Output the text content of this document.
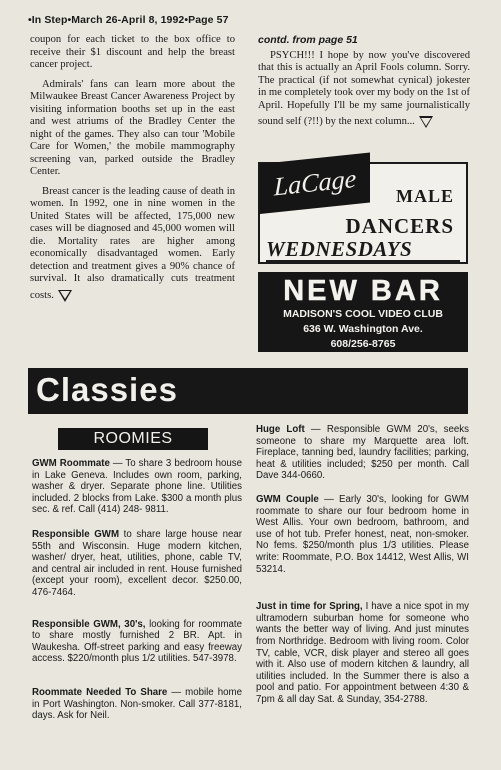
•In Step•March 26-April 8, 1992•Page 57

coupon for each ticket to the box office to receive their $1 discount and help the breast cancer project.

Admirals' fans can learn more about the Milwaukee Breast Cancer Awareness Project by visiting information booths set up in the east and west atriums of the Bradley Center the night of the games. They also can tour 'Mobile Care for Women,' the mobile mammography screening van, parked outside the Bradley Center.

Breast cancer is the leading cause of death in women. In 1992, one in nine women in the United States will be affected, 175,000 new cases will be diagnosed and 45,000 women will die. Mortality rates are higher among economically disadvantaged women. Early detection and treatment gives a 90% chance of survival. It also dramatically cuts treatment costs.

contd. from page 51

PSYCH!!! I hope by now you've discovered that this is actually an April Fools column. Sorry. The practical (if not somewhat cynical) jokester in me completely took over my body on the 1st of April. Hopefully I'll be my same journalistically sound self (?!!) by the next column...

LaCage	MALE
DANCERS
WEDNESDAYS
NEW BAR
MADISON'S COOL VIDEO CLUB
636 W. Washington Ave.
608/256-8765
Classies
ROOMIES

GWM Roommate — To share 3 bedroom house in Lake Geneva. Includes own room, parking, washer & dryer. Separate phone line. Utilities included. 2 blocks from Lake. $300 a month plus sec. & ref. Call (414) 248- 9811.

Responsible GWM to share large house near 55th and Wisconsin. Huge modern kitchen, washer/ dryer, heat, utilities, phone, cable TV, and central air included in rent. House furnished (except your room), excellent decor. $250.00, 476-7464.

Responsible GWM, 30's, looking for roommate to share mostly furnished 2 BR. Apt. in Waukesha. Off-street parking and easy freeway access. $220/month plus 1/2 utilities. 547-3978.

Roommate Needed To Share — mobile home in Port Washington. Non-smoker. Call 377-8181, days. Ask for Neil.

Huge Loft — Responsible GWM 20's, seeks someone to share my Marquette area loft. Fireplace, tanning bed, laundry facilities; parking, heat & utilities included; $250 per month. Call Dave 344-0660.

GWM Couple — Early 30's, looking for GWM roommate to share our four bedroom home in West Allis. Your own bedroom, bathroom, and use of hot tub. Prefer honest, neat, non-smoker. No fems. $250/month plus 1/3 utilities. Please write: Roommate, P.O. Box 14412, West Allis, WI 53214.

Just in time for Spring, I have a nice spot in my ultramodern suburban home for someone who wants the better way of living. And just minutes from Northridge. Bedroom with living room. Color TV, cable, VCR, disk player and stereo all goes with it. Also use of modern kitchen & laundry, all utilities included. In the Summer there is also a pool and patio. For appointment between 4:30 & 7pm & all day Sat. & Sunday, 354-2788.
